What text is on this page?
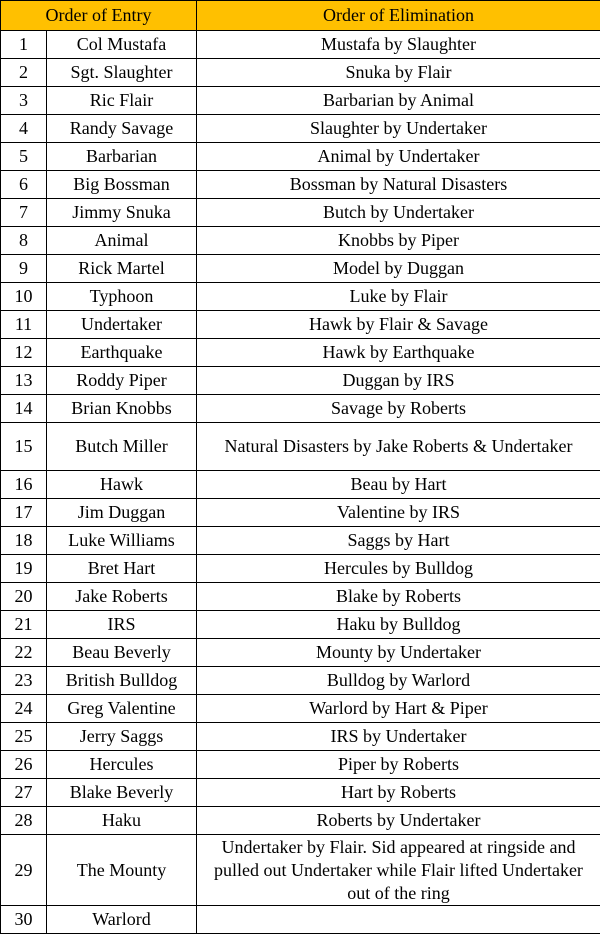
Order of Entry		Order of Elimination
1	Col Mustafa	Mustafa by Slaughter
2	Sgt. Slaughter	Snuka by Flair
3	Ric Flair	Barbarian by Animal
4	Randy Savage	Slaughter by Undertaker
5	Barbarian	Animal by Undertaker
6	Big Bossman	Bossman by Natural Disasters
7	Jimmy Snuka	Butch by Undertaker
8	Animal	Knobbs by Piper
9	Rick Martel	Model by Duggan
10	Typhoon	Luke by Flair
11	Undertaker	Hawk by Flair & Savage
12	Earthquake	Hawk by Earthquake
13	Roddy Piper	Duggan by IRS
14	Brian Knobbs	Savage by Roberts
15	Butch Miller	Natural Disasters by Jake Roberts & Undertaker
16	Hawk	Beau by Hart
17	Jim Duggan	Valentine by IRS
18	Luke Williams	Saggs by Hart
19	Bret Hart	Hercules by Bulldog
20	Jake Roberts	Blake by Roberts
21	IRS	Haku by Bulldog
22	Beau Beverly	Mounty by Undertaker
23	British Bulldog	Bulldog by Warlord
24	Greg Valentine	Warlord by Hart & Piper
25	Jerry Saggs	IRS by Undertaker
26	Hercules	Piper by Roberts
27	Blake Beverly	Hart by Roberts
28	Haku	Roberts by Undertaker
29	The Mounty	Undertaker by Flair. Sid appeared at ringside and pulled out Undertaker while Flair lifted Undertaker out of the ring
30	Warlord	
